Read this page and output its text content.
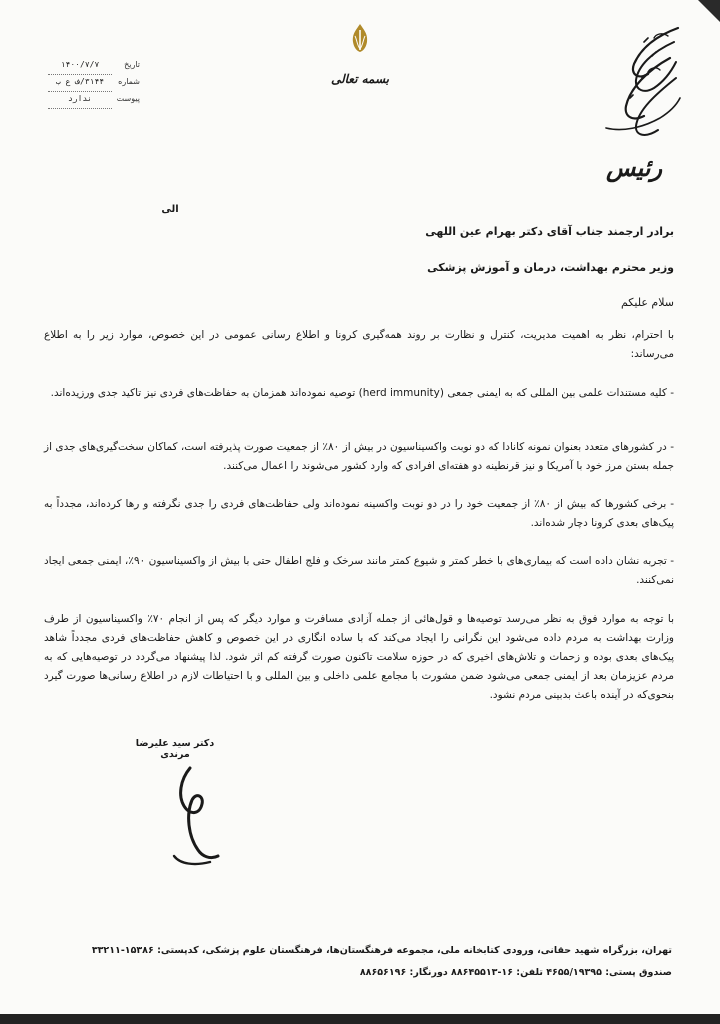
بسمه تعالی
تاریخ
۱۴۰۰/۷/۷
شماره
۳۱۴۴/ف ع ب
پیوست
ندارد
رئیس
الی
برادر ارجمند جناب آقای دکتر بهرام عین اللهی
وزیر محترم بهداشت، درمان و آموزش پزشکی
سلام علیکم
با احترام، نظر به اهمیت مدیریت، کنترل و نظارت بر روند همه‌گیری کرونا و اطلاع رسانی عمومی در این خصوص، موارد زیر را به اطلاع می‌رساند:
- کلیه مستندات علمی بین المللی که به ایمنی جمعی (herd immunity) توصیه نموده‌اند همزمان به حفاظت‌های فردی نیز تاکید جدی ورزیده‌اند.
- در کشورهای متعدد بعنوان نمونه کانادا که دو نوبت واکسیناسیون در بیش از ۸۰٪ از جمعیت صورت پذیرفته است، کماکان سخت‌گیری‌های جدی از جمله بستن مرز خود با آمریکا و نیز قرنطینه دو هفته‌ای افرادی که وارد کشور می‌شوند را اعمال می‌کنند.
- برخی کشورها که بیش از ۸۰٪ از جمعیت خود را در دو نوبت واکسینه نموده‌اند ولی حفاظت‌های فردی را جدی نگرفته و رها کرده‌اند، مجدداً به پیک‌های بعدی کرونا دچار شده‌اند.
- تجربه نشان داده است که بیماری‌های با خطر کمتر و شیوع کمتر مانند سرخک و فلج اطفال حتی با بیش از واکسیناسیون ۹۰٪، ایمنی جمعی ایجاد نمی‌کنند.
با توجه به موارد فوق به نظر می‌رسد توصیه‌ها و قول‌هائی از جمله آزادی مسافرت و موارد دیگر که پس از انجام ۷۰٪ واکسیناسیون از طرف وزارت بهداشت به مردم داده می‌شود این نگرانی را ایجاد می‌کند که با ساده انگاری در این خصوص و کاهش حفاظت‌های فردی مجدداً شاهد پیک‌های بعدی بوده و زحمات و تلاش‌های اخیری که در حوزه سلامت تاکنون صورت گرفته کم اثر شود. لذا پیشنهاد می‌گردد در توصیه‌هایی که به مردم عزیزمان بعد از ایمنی جمعی می‌شود ضمن مشورت با مجامع علمی داخلی و بین المللی و با احتیاطات لازم در اطلاع رسانی‌ها صورت گیرد بنحوی‌که در آینده باعث بدبینی مردم نشود.
دکتر سید علیرضا مرندی
تهران، بزرگراه شهید حقانی، ورودی کتابخانه ملی، مجموعه فرهنگستان‌ها، فرهنگستان علوم پزشکی، کدپستی: ۱۵۳۸۶-۳۳۲۱۱
صندوق پستی: ۴۶۵۵/۱۹۳۹۵ تلفن: ۱۶-۸۸۶۴۵۵۱۳ دورنگار: ۸۸۶۵۶۱۹۶
